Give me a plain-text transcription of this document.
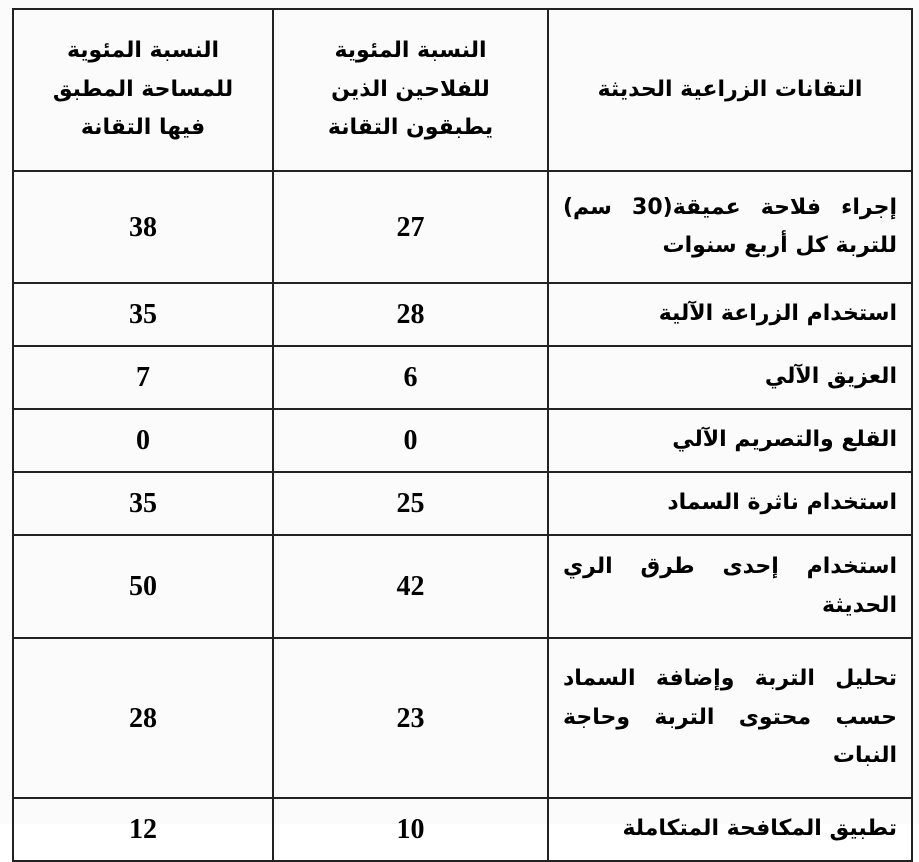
التقانات الزراعية الحديثة	النسبة المئوية للفلاحين الذين يطبقون التقانة	النسبة المئوية للمساحة المطبق فيها التقانة
إجراء فلاحة عميقة(30 سم) للتربة كل أربع سنوات	27	38
استخدام الزراعة الآلية	28	35
العزيق الآلي	6	7
القلع والتصريم الآلي	0	0
استخدام ناثرة السماد	25	35
استخدام إحدى طرق الري الحديثة	42	50
تحليل التربة وإضافة السماد حسب محتوى التربة وحاجة النبات	23	28
تطبيق المكافحة المتكاملة	10	12
